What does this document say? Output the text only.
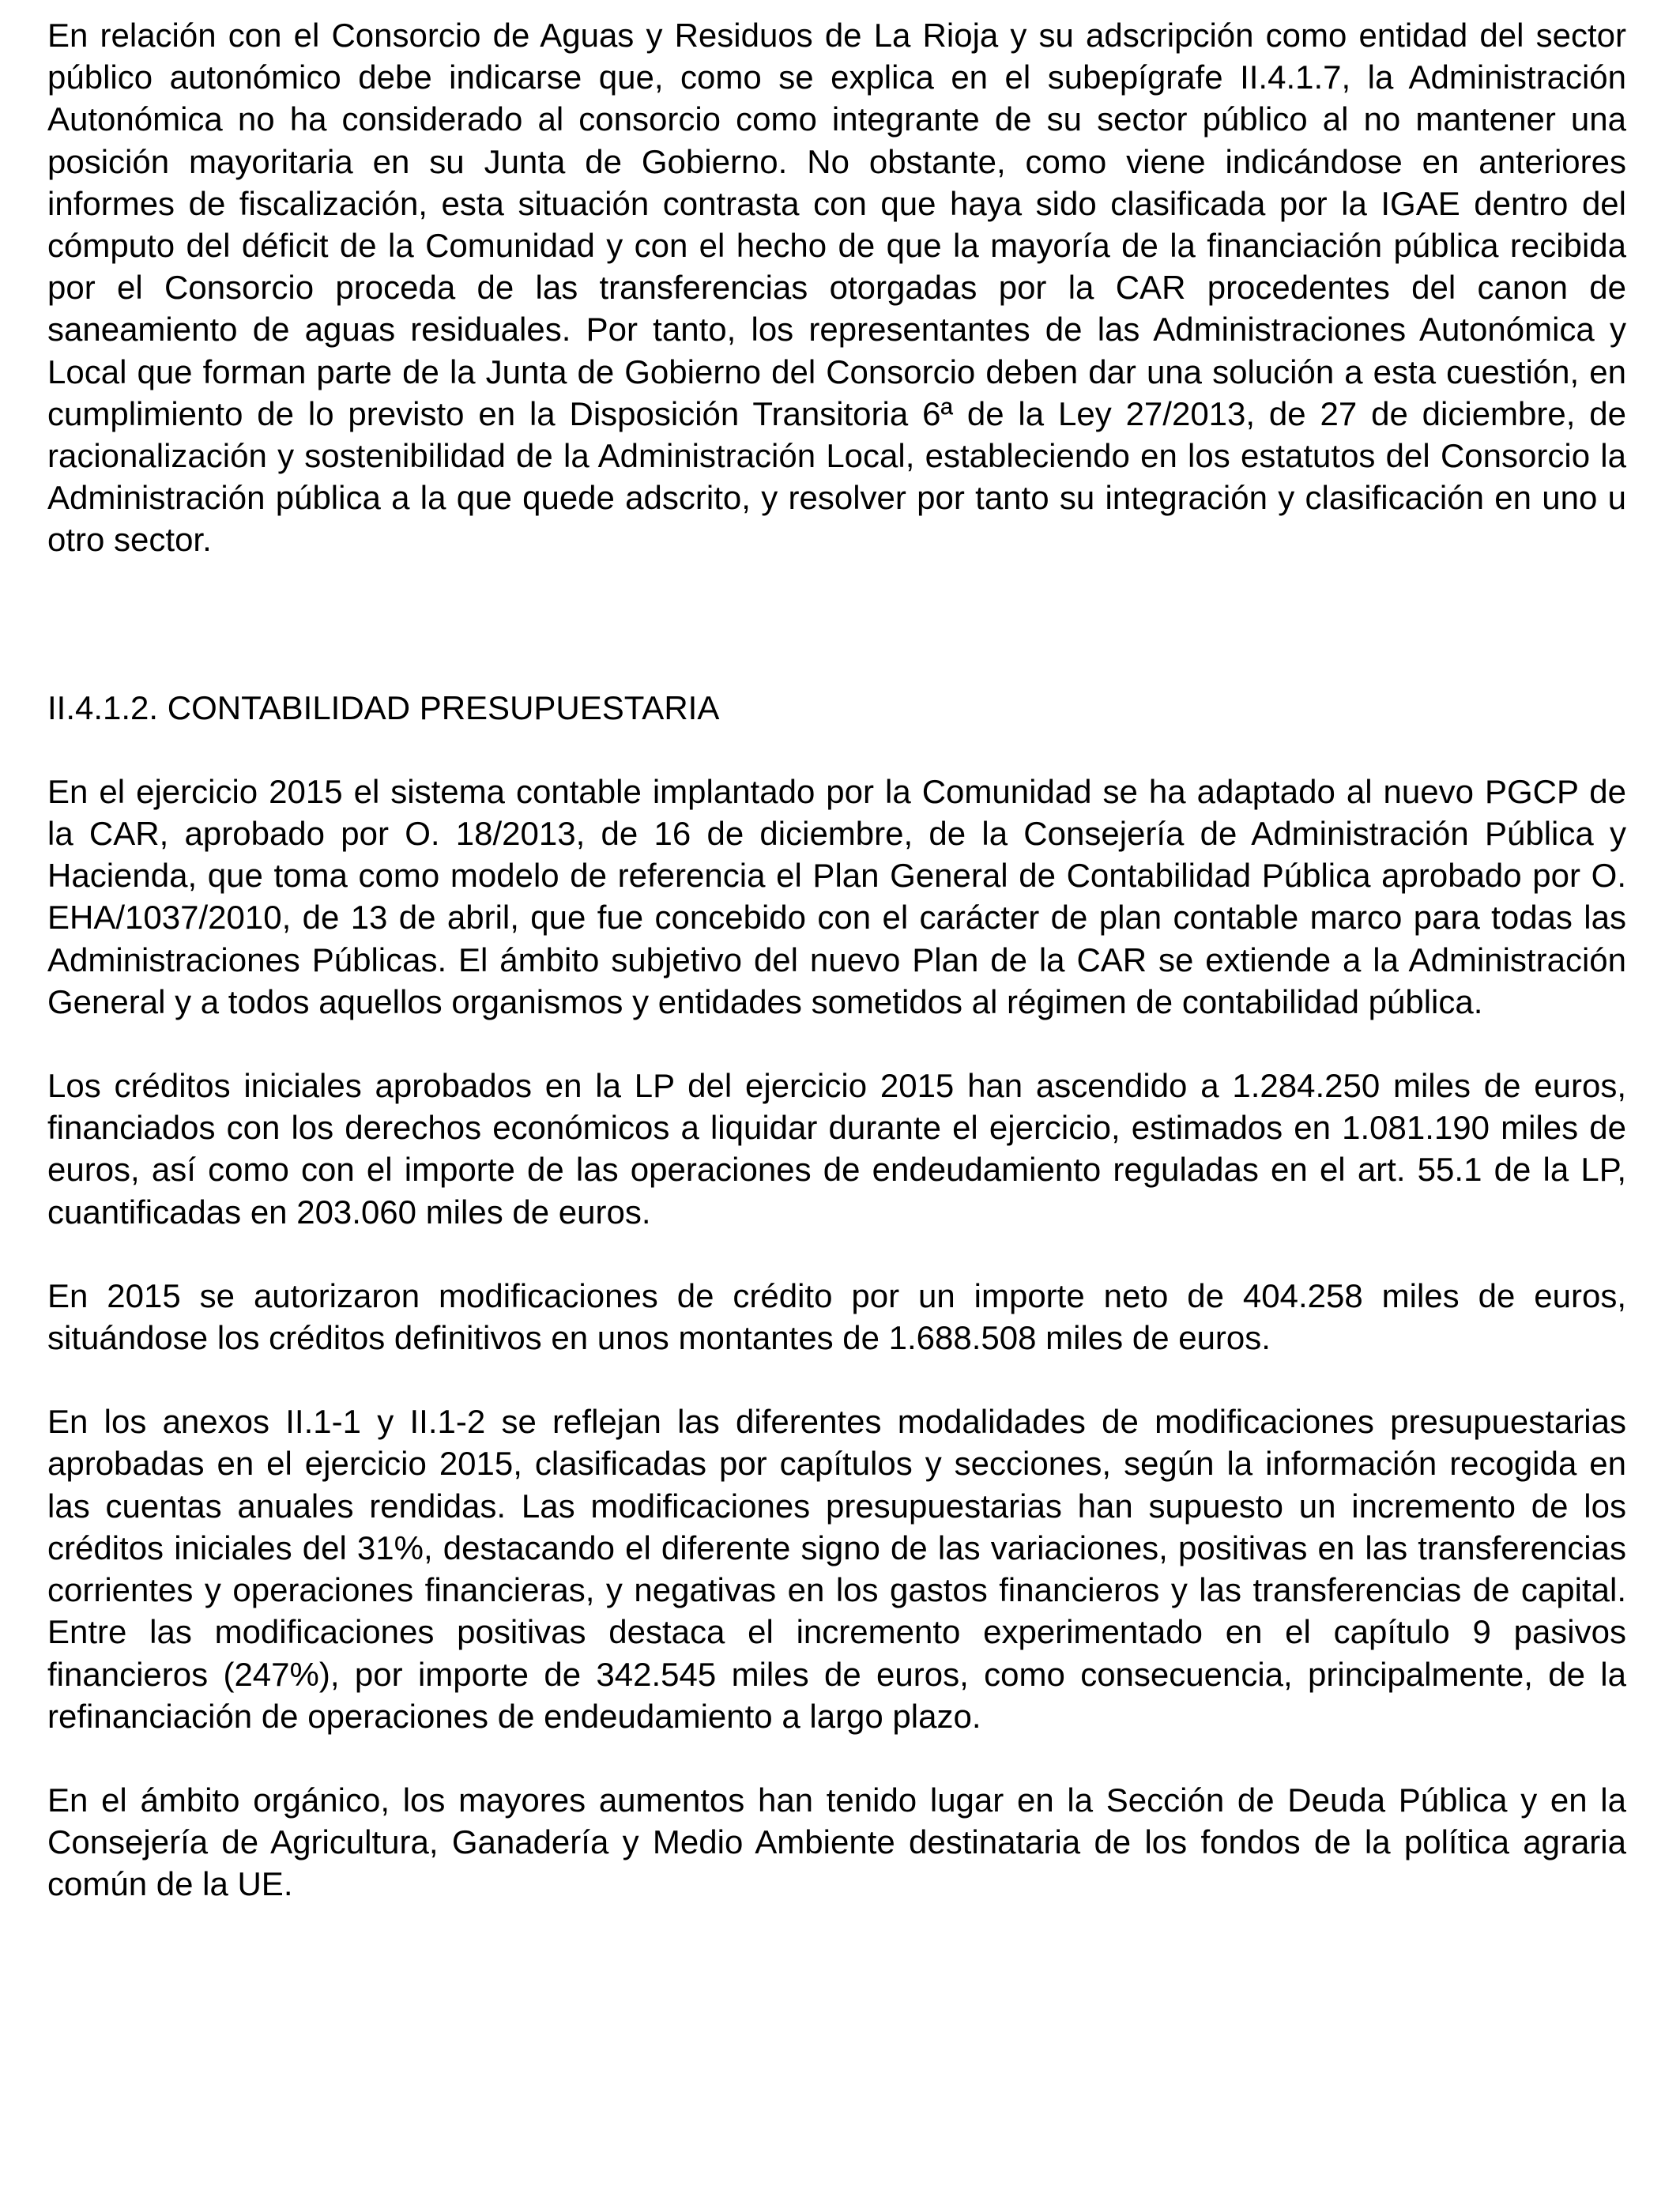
En relación con el Consorcio de Aguas y Residuos de La Rioja y su adscripción como entidad del sector público autonómico debe indicarse que, como se explica en el subepígrafe II.4.1.7, la Administración Autonómica no ha considerado al consorcio como integrante de su sector público al no mantener una posición mayoritaria en su Junta de Gobierno. No obstante, como viene indicándose en anteriores informes de fiscalización, esta situación contrasta con que haya sido clasificada por la IGAE dentro del cómputo del déficit de la Comunidad y con el hecho de que la mayoría de la financiación pública recibida por el Consorcio proceda de las transferencias otorgadas por la CAR procedentes del canon de saneamiento de aguas residuales. Por tanto, los representantes de las Administraciones Autonómica y Local que forman parte de la Junta de Gobierno del Consorcio deben dar una solución a esta cuestión, en cumplimiento de lo previsto en la Disposición Transitoria 6ª de la Ley 27/2013, de 27 de diciembre, de racionalización y sostenibilidad de la Administración Local, estableciendo en los estatutos del Consorcio la Administración pública a la que quede adscrito, y resolver por tanto su integración y clasificación en uno u otro sector.

II.4.1.2. CONTABILIDAD PRESUPUESTARIA

En el ejercicio 2015 el sistema contable implantado por la Comunidad se ha adaptado al nuevo PGCP de la CAR, aprobado por O. 18/2013, de 16 de diciembre, de la Consejería de Administración Pública y Hacienda, que toma como modelo de referencia el Plan General de Contabilidad Pública aprobado por O. EHA/1037/2010, de 13 de abril, que fue concebido con el carácter de plan contable marco para todas las Administraciones Públicas. El ámbito subjetivo del nuevo Plan de la CAR se extiende a la Administración General y a todos aquellos organismos y entidades sometidos al régimen de contabilidad pública.

Los créditos iniciales aprobados en la LP del ejercicio 2015 han ascendido a 1.284.250 miles de euros, financiados con los derechos económicos a liquidar durante el ejercicio, estimados en 1.081.190 miles de euros, así como con el importe de las operaciones de endeudamiento reguladas en el art. 55.1 de la LP, cuantificadas en 203.060 miles de euros.

En 2015 se autorizaron modificaciones de crédito por un importe neto de 404.258 miles de euros, situándose los créditos definitivos en unos montantes de 1.688.508 miles de euros.

En los anexos II.1-1 y II.1-2 se reflejan las diferentes modalidades de modificaciones presupuestarias aprobadas en el ejercicio 2015, clasificadas por capítulos y secciones, según la información recogida en las cuentas anuales rendidas. Las modificaciones presupuestarias han supuesto un incremento de los créditos iniciales del 31%, destacando el diferente signo de las variaciones, positivas en las transferencias corrientes y operaciones financieras, y negativas en los gastos financieros y las transferencias de capital. Entre las modificaciones positivas destaca el incremento experimentado en el capítulo 9 pasivos financieros (247%), por importe de 342.545 miles de euros, como consecuencia, principalmente, de la refinanciación de operaciones de endeudamiento a largo plazo.

En el ámbito orgánico, los mayores aumentos han tenido lugar en la Sección de Deuda Pública y en la Consejería de Agricultura, Ganadería y Medio Ambiente destinataria de los fondos de la política agraria común de la UE.
